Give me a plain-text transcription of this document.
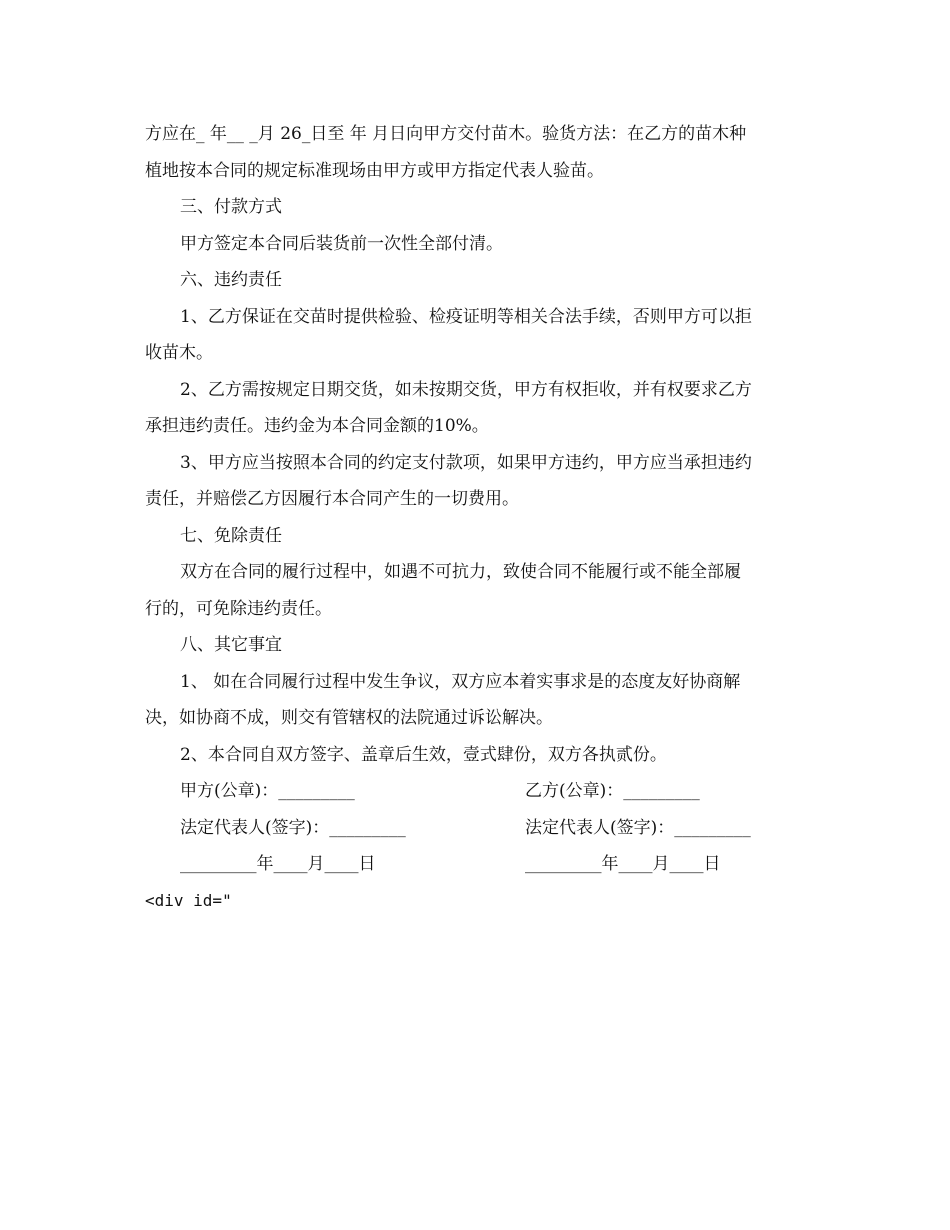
方应在_ 年__ _月 26_日至 年 月日向甲方交付苗木。验货方法：在乙方的苗木种

植地按本合同的规定标准现场由甲方或甲方指定代表人验苗。

三、付款方式

甲方签定本合同后装货前一次性全部付清。

六、违约责任

1、乙方保证在交苗时提供检验、检疫证明等相关合法手续，否则甲方可以拒

收苗木。

2、乙方需按规定日期交货，如未按期交货，甲方有权拒收，并有权要求乙方

承担违约责任。违约金为本合同金额的10%。

3、甲方应当按照本合同的约定支付款项，如果甲方违约，甲方应当承担违约

责任，并赔偿乙方因履行本合同产生的一切费用。

七、免除责任

双方在合同的履行过程中，如遇不可抗力，致使合同不能履行或不能全部履

行的，可免除违约责任。

八、其它事宜

1、 如在合同履行过程中发生争议，双方应本着实事求是的态度友好协商解

决，如协商不成，则交有管辖权的法院通过诉讼解决。

2、本合同自双方签字、盖章后生效，壹式肆份，双方各执贰份。

甲方(公章)：_________	乙方(公章)：_________
法定代表人(签字)：_________	法定代表人(签字)：_________
_________年____月____日	_________年____月____日
<div id="
